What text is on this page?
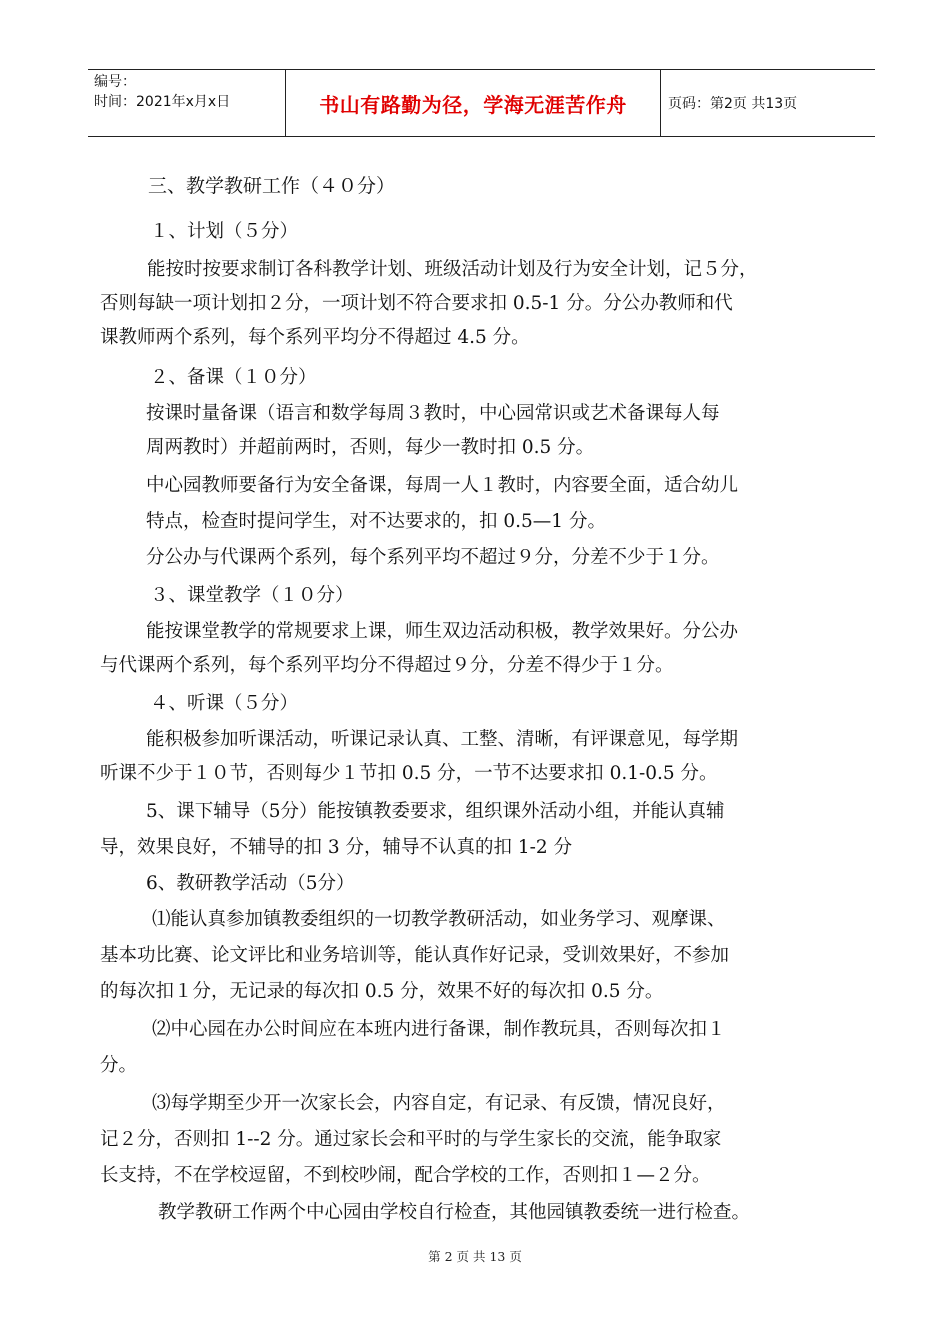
编号：
时间：2021年x月x日	书山有路勤为径，学海无涯苦作舟	页码：第2页 共13页
三、教学教研工作（４０分）
１、计划（５分）
能按时按要求制订各科教学计划、班级活动计划及行为安全计划，记５分，
否则每缺一项计划扣２分，一项计划不符合要求扣 0.5-1 分。分公办教师和代
课教师两个系列，每个系列平均分不得超过 4.5 分。
２、备课（１０分）
按课时量备课（语言和数学每周３教时，中心园常识或艺术备课每人每
周两教时）并超前两时，否则，每少一教时扣 0.5 分。
中心园教师要备行为安全备课，每周一人１教时，内容要全面，适合幼儿
特点，检查时提问学生，对不达要求的，扣 0.5—1 分。
分公办与代课两个系列，每个系列平均不超过９分，分差不少于１分。
３、课堂教学（１０分）
能按课堂教学的常规要求上课，师生双边活动积极，教学效果好。分公办
与代课两个系列，每个系列平均分不得超过９分，分差不得少于１分。
４、听课（５分）
能积极参加听课活动，听课记录认真、工整、清晰，有评课意见，每学期
听课不少于１０节，否则每少１节扣 0.5 分，一节不达要求扣 0.1-0.5 分。
5、课下辅导（5分）能按镇教委要求，组织课外活动小组，并能认真辅
导，效果良好，不辅导的扣 3 分，辅导不认真的扣 1-2 分
6、教研教学活动（5分）
⑴能认真参加镇教委组织的一切教学教研活动，如业务学习、观摩课、
基本功比赛、论文评比和业务培训等，能认真作好记录，受训效果好，不参加
的每次扣１分，无记录的每次扣 0.5 分，效果不好的每次扣 0.5 分。
⑵中心园在办公时间应在本班内进行备课，制作教玩具，否则每次扣１
分。
⑶每学期至少开一次家长会，内容自定，有记录、有反馈，情况良好，
记２分，否则扣 1--2 分。通过家长会和平时的与学生家长的交流，能争取家
长支持，不在学校逗留，不到校吵闹，配合学校的工作，否则扣１—２分。
教学教研工作两个中心园由学校自行检查，其他园镇教委统一进行检查。
第 2 页 共 13 页
